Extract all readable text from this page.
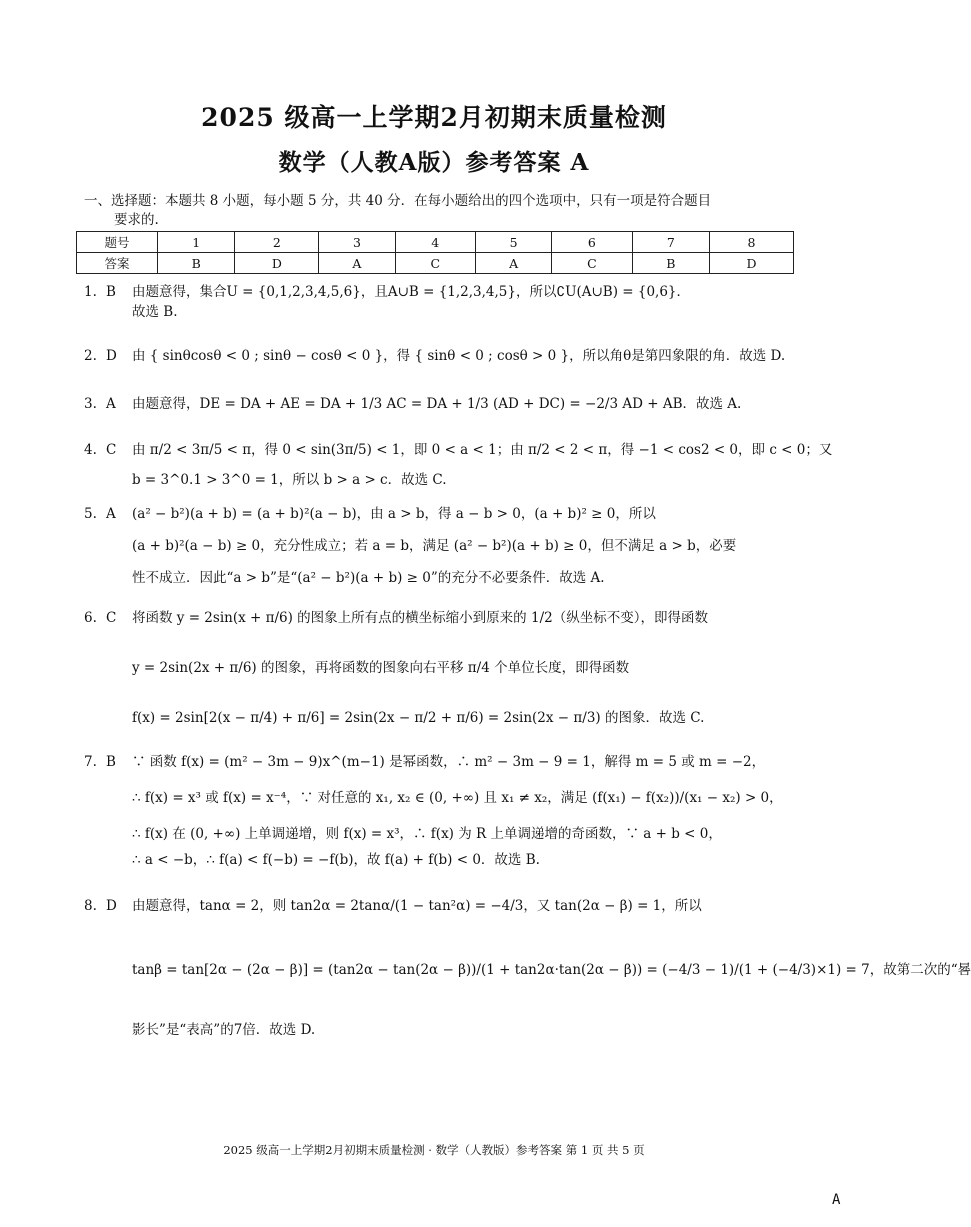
2025 级高一上学期2月初期末质量检测
数学（人教A版）参考答案 A
一、选择题：本题共 8 小题，每小题 5 分，共 40 分．在每小题给出的四个选项中，只有一项是符合题目
要求的.
题号	1	2	3	4	5	6	7	8
答案	B	D	A	C	A	C	B	D
1. B 由题意得，集合U = {0,1,2,3,4,5,6}，且A∪B = {1,2,3,4,5}，所以∁U(A∪B) = {0,6}．
故选 B.
2. D 由 { sinθcosθ < 0 ; sinθ − cosθ < 0 }，得 { sinθ < 0 ; cosθ > 0 }，所以角θ是第四象限的角．故选 D.
3. A 由题意得，DE = DA + AE = DA + 1/3 AC = DA + 1/3 (AD + DC) = −2/3 AD + AB．故选 A.
4. C 由 π/2 < 3π/5 < π，得 0 < sin(3π/5) < 1，即 0 < a < 1；由 π/2 < 2 < π，得 −1 < cos2 < 0，即 c < 0；又
b = 3^0.1 > 3^0 = 1，所以 b > a > c．故选 C.
5. A (a² − b²)(a + b) = (a + b)²(a − b)，由 a > b，得 a − b > 0，(a + b)² ≥ 0，所以
(a + b)²(a − b) ≥ 0，充分性成立；若 a = b，满足 (a² − b²)(a + b) ≥ 0，但不满足 a > b，必要
性不成立．因此“a > b”是“(a² − b²)(a + b) ≥ 0”的充分不必要条件．故选 A.
6. C 将函数 y = 2sin(x + π/6) 的图象上所有点的横坐标缩小到原来的 1/2（纵坐标不变），即得函数
y = 2sin(2x + π/6) 的图象，再将函数的图象向右平移 π/4 个单位长度，即得函数
f(x) = 2sin[2(x − π/4) + π/6] = 2sin(2x − π/2 + π/6) = 2sin(2x − π/3) 的图象．故选 C.
7. B ∵ 函数 f(x) = (m² − 3m − 9)x^(m−1) 是幂函数，∴ m² − 3m − 9 = 1，解得 m = 5 或 m = −2，
∴ f(x) = x³ 或 f(x) = x⁻⁴，∵ 对任意的 x₁, x₂ ∈ (0, +∞) 且 x₁ ≠ x₂，满足 (f(x₁) − f(x₂))/(x₁ − x₂) > 0，
∴ f(x) 在 (0, +∞) 上单调递增，则 f(x) = x³，∴ f(x) 为 R 上单调递增的奇函数，∵ a + b < 0，
∴ a < −b，∴ f(a) < f(−b) = −f(b)，故 f(a) + f(b) < 0．故选 B.
8. D 由题意得，tanα = 2，则 tan2α = 2tanα/(1 − tan²α) = −4/3，又 tan(2α − β) = 1，所以
tanβ = tan[2α − (2α − β)] = (tan2α − tan(2α − β))/(1 + tan2α·tan(2α − β)) = (−4/3 − 1)/(1 + (−4/3)×1) = 7，故第二次的“晷
影长”是“表高”的7倍．故选 D.
2025 级高一上学期2月初期末质量检测 · 数学（人教版）参考答案 第 1 页 共 5 页
A
